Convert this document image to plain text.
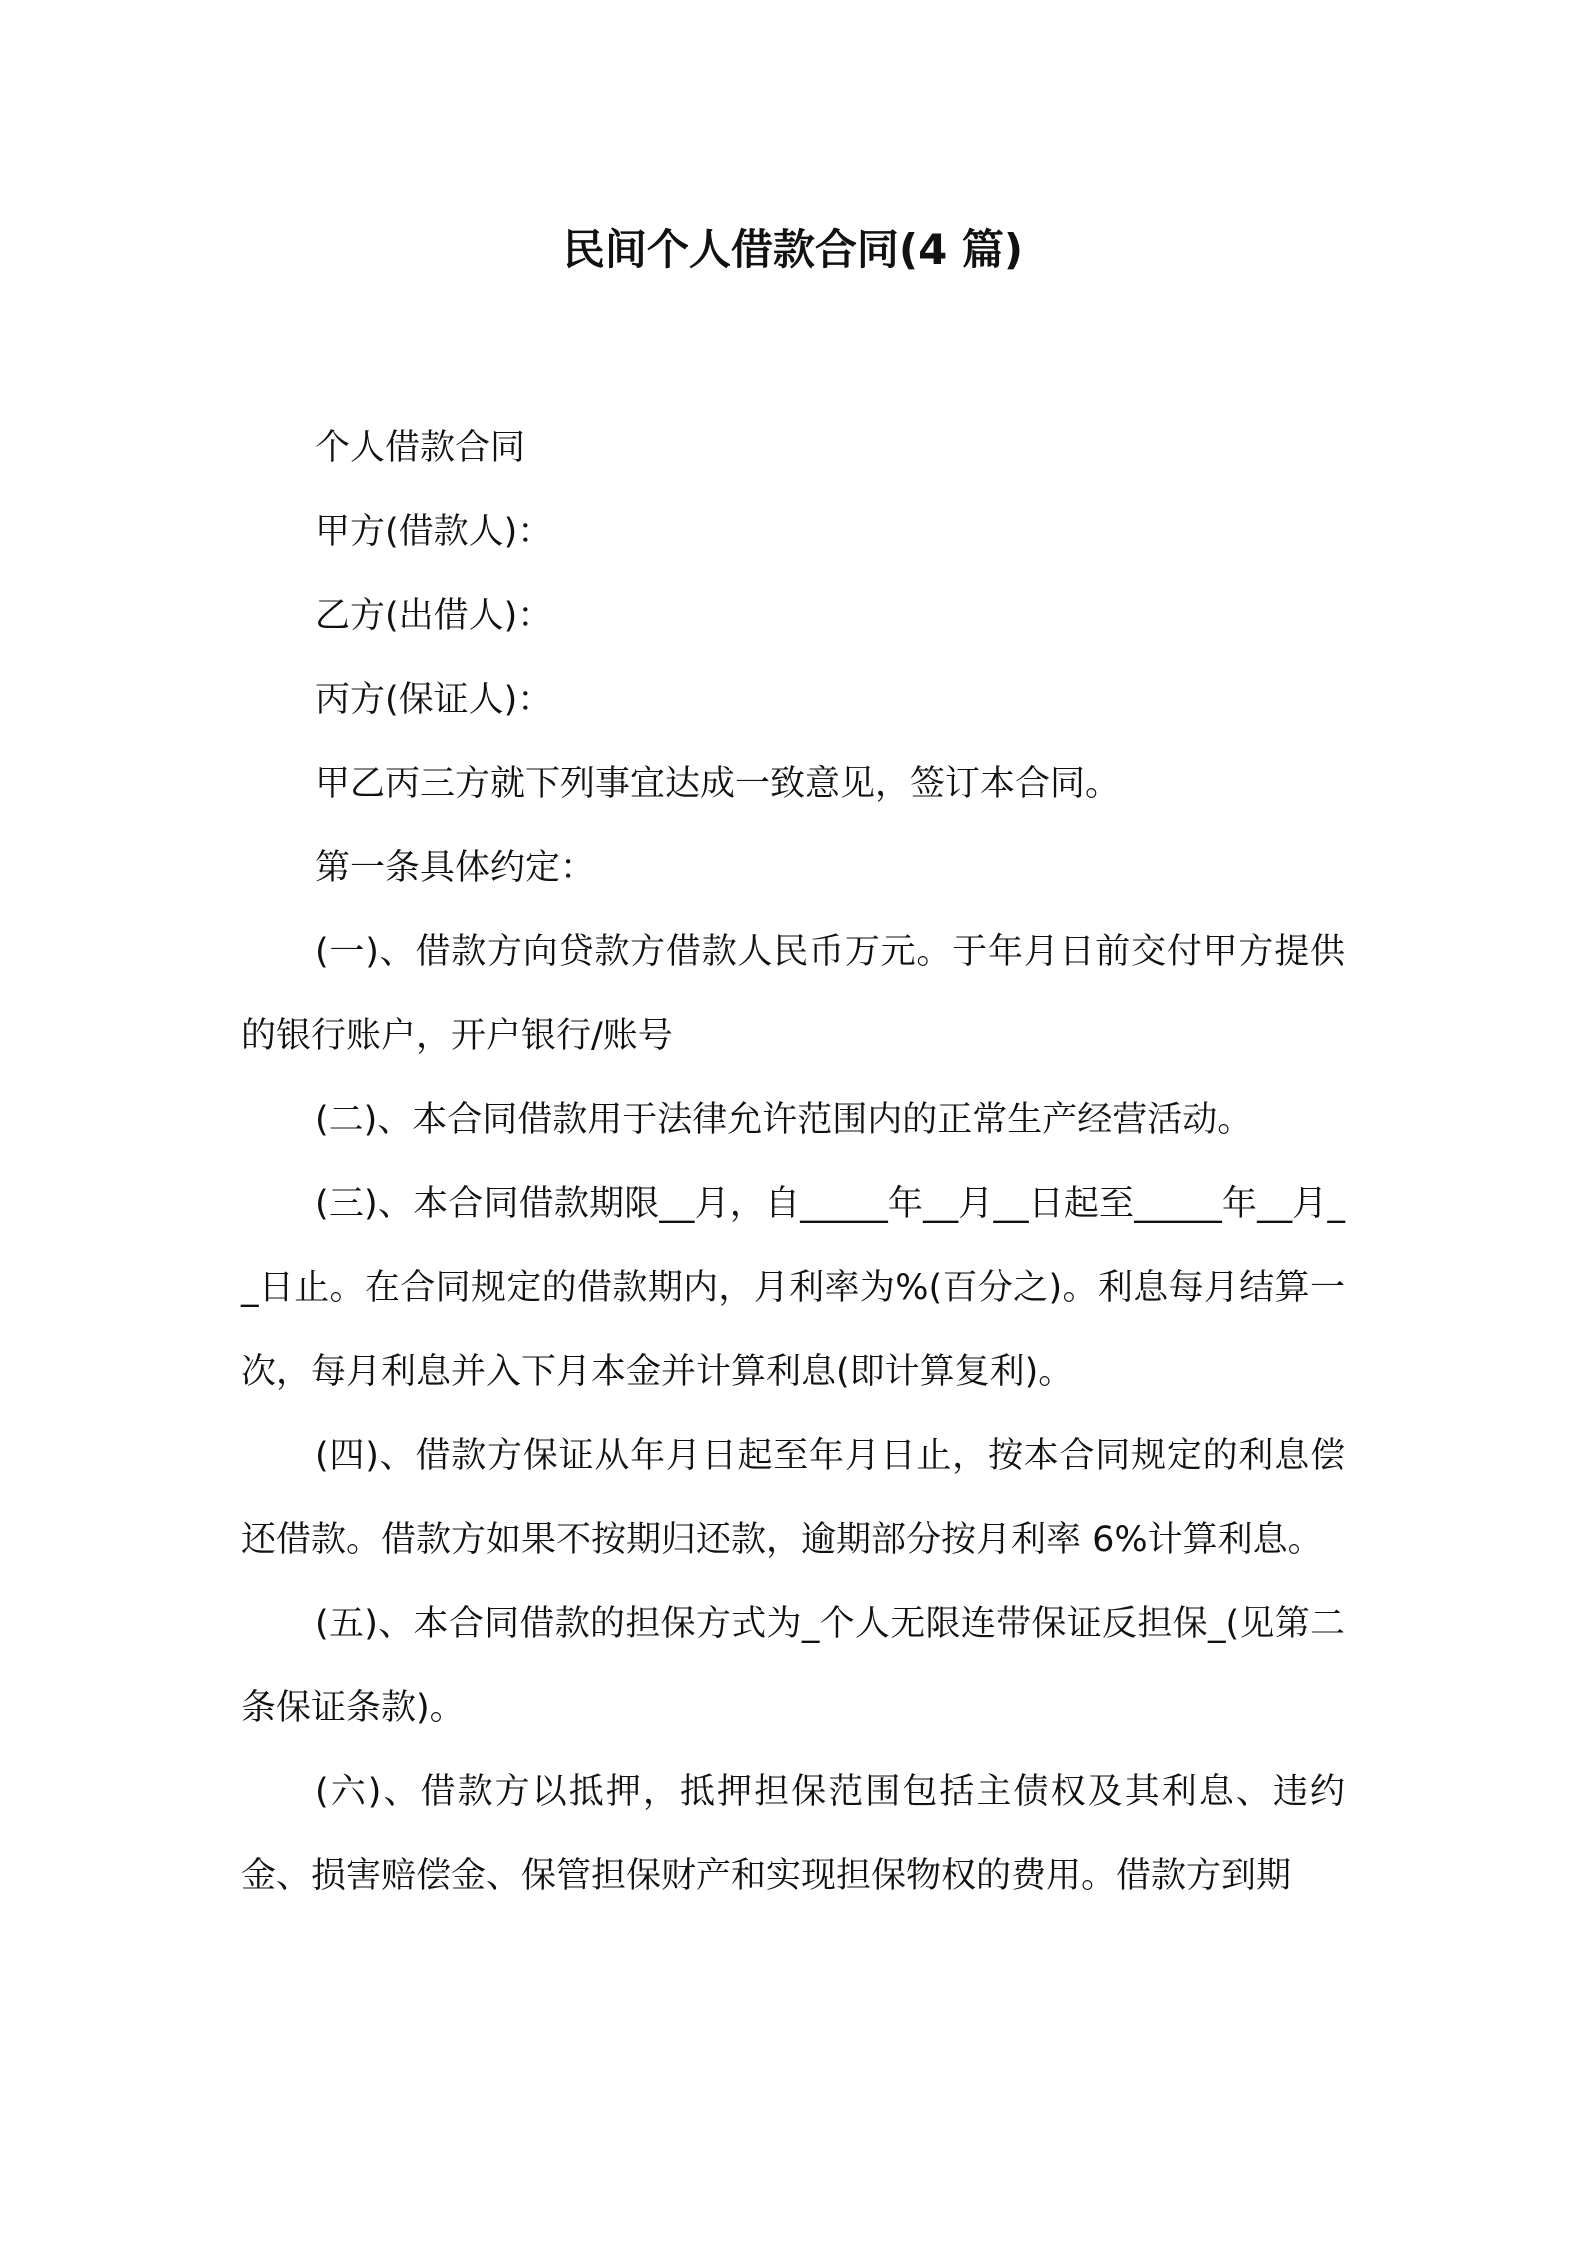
民间个人借款合同(4 篇)

个人借款合同

甲方(借款人)：

乙方(出借人)：

丙方(保证人)：

甲乙丙三方就下列事宜达成一致意见，签订本合同。

第一条具体约定：

(一)、借款方向贷款方借款人民币万元。于年月日前交付甲方提供的银行账户，开户银行/账号

(二)、本合同借款用于法律允许范围内的正常生产经营活动。

(三)、本合同借款期限__月，自_____年__月__日起至_____年__月__日止。在合同规定的借款期内，月利率为%(百分之)。利息每月结算一次，每月利息并入下月本金并计算利息(即计算复利)。

(四)、借款方保证从年月日起至年月日止，按本合同规定的利息偿还借款。借款方如果不按期归还款，逾期部分按月利率 6%计算利息。

(五)、本合同借款的担保方式为_个人无限连带保证反担保_(见第二条保证条款)。

(六)、借款方以抵押，抵押担保范围包括主债权及其利息、违约金、损害赔偿金、保管担保财产和实现担保物权的费用。借款方到期
